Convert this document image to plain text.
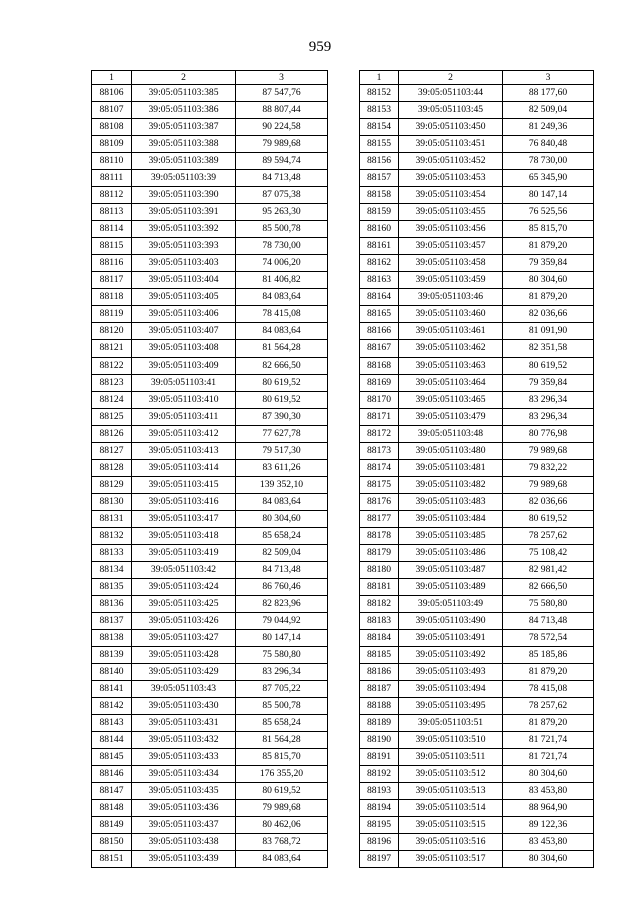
959
1	2	3
88106	39:05:051103:385	87 547,76
88107	39:05:051103:386	88 807,44
88108	39:05:051103:387	90 224,58
88109	39:05:051103:388	79 989,68
88110	39:05:051103:389	89 594,74
88111	39:05:051103:39	84 713,48
88112	39:05:051103:390	87 075,38
88113	39:05:051103:391	95 263,30
88114	39:05:051103:392	85 500,78
88115	39:05:051103:393	78 730,00
88116	39:05:051103:403	74 006,20
88117	39:05:051103:404	81 406,82
88118	39:05:051103:405	84 083,64
88119	39:05:051103:406	78 415,08
88120	39:05:051103:407	84 083,64
88121	39:05:051103:408	81 564,28
88122	39:05:051103:409	82 666,50
88123	39:05:051103:41	80 619,52
88124	39:05:051103:410	80 619,52
88125	39:05:051103:411	87 390,30
88126	39:05:051103:412	77 627,78
88127	39:05:051103:413	79 517,30
88128	39:05:051103:414	83 611,26
88129	39:05:051103:415	139 352,10
88130	39:05:051103:416	84 083,64
88131	39:05:051103:417	80 304,60
88132	39:05:051103:418	85 658,24
88133	39:05:051103:419	82 509,04
88134	39:05:051103:42	84 713,48
88135	39:05:051103:424	86 760,46
88136	39:05:051103:425	82 823,96
88137	39:05:051103:426	79 044,92
88138	39:05:051103:427	80 147,14
88139	39:05:051103:428	75 580,80
88140	39:05:051103:429	83 296,34
88141	39:05:051103:43	87 705,22
88142	39:05:051103:430	85 500,78
88143	39:05:051103:431	85 658,24
88144	39:05:051103:432	81 564,28
88145	39:05:051103:433	85 815,70
88146	39:05:051103:434	176 355,20
88147	39:05:051103:435	80 619,52
88148	39:05:051103:436	79 989,68
88149	39:05:051103:437	80 462,06
88150	39:05:051103:438	83 768,72
88151	39:05:051103:439	84 083,64
1	2	3
88152	39:05:051103:44	88 177,60
88153	39:05:051103:45	82 509,04
88154	39:05:051103:450	81 249,36
88155	39:05:051103:451	76 840,48
88156	39:05:051103:452	78 730,00
88157	39:05:051103:453	65 345,90
88158	39:05:051103:454	80 147,14
88159	39:05:051103:455	76 525,56
88160	39:05:051103:456	85 815,70
88161	39:05:051103:457	81 879,20
88162	39:05:051103:458	79 359,84
88163	39:05:051103:459	80 304,60
88164	39:05:051103:46	81 879,20
88165	39:05:051103:460	82 036,66
88166	39:05:051103:461	81 091,90
88167	39:05:051103:462	82 351,58
88168	39:05:051103:463	80 619,52
88169	39:05:051103:464	79 359,84
88170	39:05:051103:465	83 296,34
88171	39:05:051103:479	83 296,34
88172	39:05:051103:48	80 776,98
88173	39:05:051103:480	79 989,68
88174	39:05:051103:481	79 832,22
88175	39:05:051103:482	79 989,68
88176	39:05:051103:483	82 036,66
88177	39:05:051103:484	80 619,52
88178	39:05:051103:485	78 257,62
88179	39:05:051103:486	75 108,42
88180	39:05:051103:487	82 981,42
88181	39:05:051103:489	82 666,50
88182	39:05:051103:49	75 580,80
88183	39:05:051103:490	84 713,48
88184	39:05:051103:491	78 572,54
88185	39:05:051103:492	85 185,86
88186	39:05:051103:493	81 879,20
88187	39:05:051103:494	78 415,08
88188	39:05:051103:495	78 257,62
88189	39:05:051103:51	81 879,20
88190	39:05:051103:510	81 721,74
88191	39:05:051103:511	81 721,74
88192	39:05:051103:512	80 304,60
88193	39:05:051103:513	83 453,80
88194	39:05:051103:514	88 964,90
88195	39:05:051103:515	89 122,36
88196	39:05:051103:516	83 453,80
88197	39:05:051103:517	80 304,60
